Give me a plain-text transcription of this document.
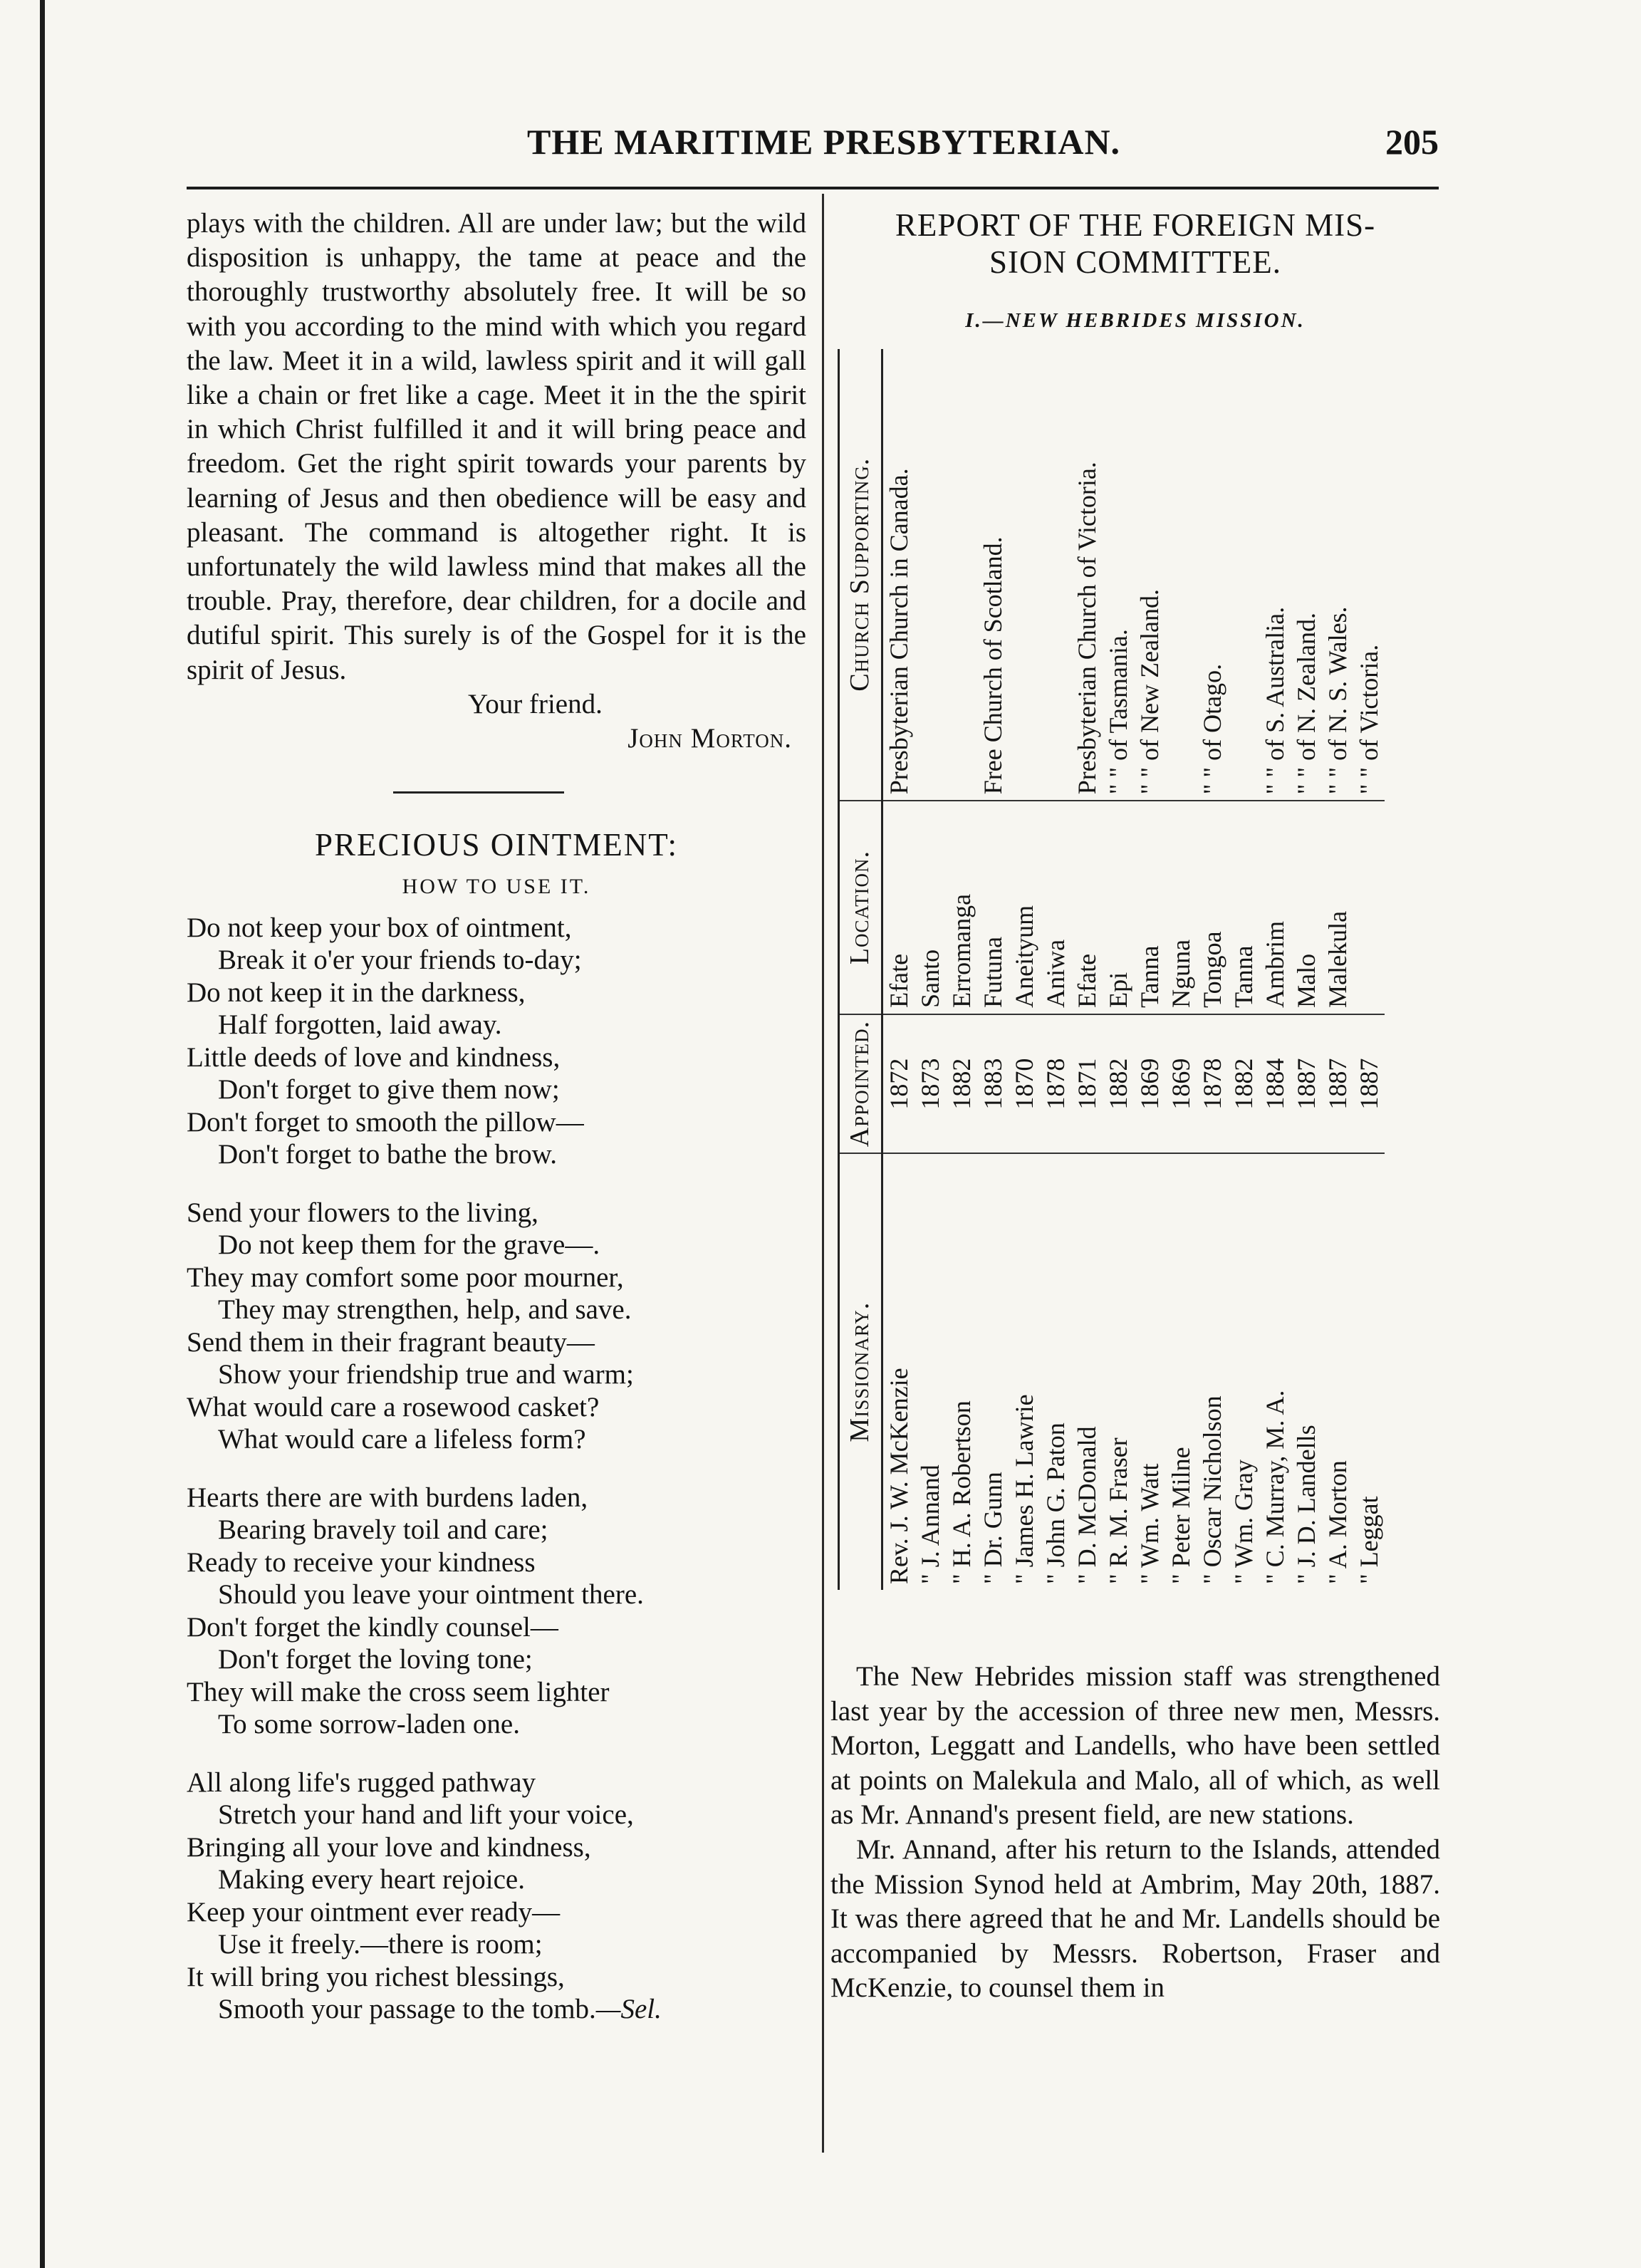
THE MARITIME PRESBYTERIAN.	205

plays with the children. All are under law; but the wild disposition is unhappy, the tame at peace and the thoroughly trustworthy absolutely free. It will be so with you according to the mind with which you regard the law. Meet it in a wild, lawless spirit and it will gall like a chain or fret like a cage. Meet it in the the spirit in which Christ fulfilled it and it will bring peace and freedom. Get the right spirit towards your parents by learning of Jesus and then obedience will be easy and pleasant. The command is altogether right. It is unfortunately the wild lawless mind that makes all the trouble. Pray, therefore, dear children, for a docile and dutiful spirit. This surely is of the Gospel for it is the spirit of Jesus.

Your friend.

John Morton.

PRECIOUS OINTMENT:

HOW TO USE IT.

Do not keep your box of ointment,
Break it o'er your friends to-day;
Do not keep it in the darkness,
Half forgotten, laid away.
Little deeds of love and kindness,
Don't forget to give them now;
Don't forget to smooth the pillow—
Don't forget to bathe the brow.
Send your flowers to the living,
Do not keep them for the grave—.
They may comfort some poor mourner,
They may strengthen, help, and save.
Send them in their fragrant beauty—
Show your friendship true and warm;
What would care a rosewood casket?
What would care a lifeless form?
Hearts there are with burdens laden,
Bearing bravely toil and care;
Ready to receive your kindness
Should you leave your ointment there.
Don't forget the kindly counsel—
Don't forget the loving tone;
They will make the cross seem lighter
To some sorrow-laden one.
All along life's rugged pathway
Stretch your hand and lift your voice,
Bringing all your love and kindness,
Making every heart rejoice.
Keep your ointment ever ready—
Use it freely.—there is room;
It will bring you richest blessings,
Smooth your passage to the tomb.—Sel.

REPORT OF THE FOREIGN MIS-

SION COMMITTEE.

I.—NEW HEBRIDES MISSION.

Missionary.	Appointed.	Location.	Church Supporting.
Rev. J. W. McKenzie	1872	Efate	Presbyterian Church in Canada.
" J. Annand	1873	Santo	
" H. A. Robertson	1882	Erromanga	
" Dr. Gunn	1883	Futuna	Free Church of Scotland.
" James H. Lawrie	1870	Aneityum	
" John G. Paton	1878	Aniwa	
" D. McDonald	1871	Efate	Presbyterian Church of Victoria.
" R. M. Fraser	1882	Epi	" " of Tasmania.
" Wm. Watt	1869	Tanna	" " of New Zealand.
" Peter Milne	1869	Nguna	
" Oscar Nicholson	1878	Tongoa	" " of Otago.
" Wm. Gray	1882	Tanna	
" C. Murray, M. A.	1884	Ambrim	" " of S. Australia.
" J. D. Landells	1887	Malo	" " of N. Zealand.
" A. Morton	1887	Malekula	" " of N. S. Wales.
" Leggat	1887		" " of Victoria.

The New Hebrides mission staff was strengthened last year by the accession of three new men, Messrs. Morton, Leggatt and Landells, who have been settled at points on Malekula and Malo, all of which, as well as Mr. Annand's present field, are new stations.

Mr. Annand, after his return to the Islands, attended the Mission Synod held at Ambrim, May 20th, 1887. It was there agreed that he and Mr. Landells should be accompanied by Messrs. Robertson, Fraser and McKenzie, to counsel them in
